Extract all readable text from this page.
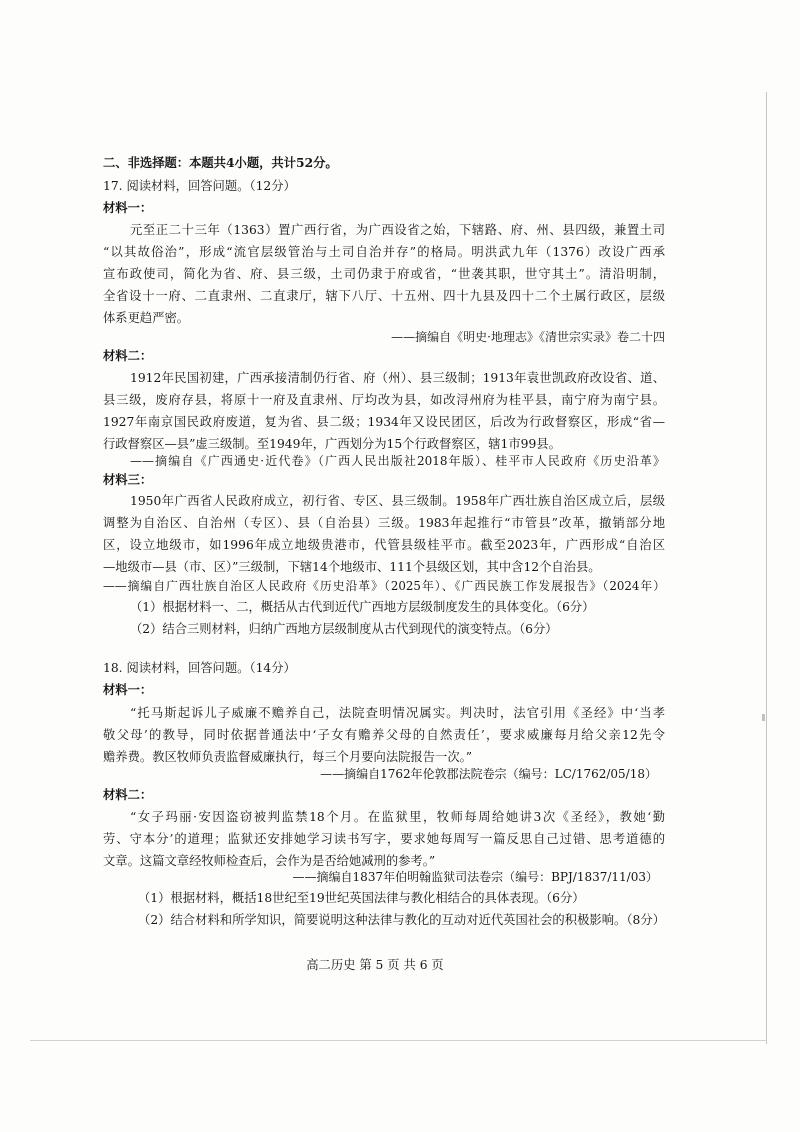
二、非选择题：本题共4小题，共计52分。
17. 阅读材料，回答问题。（12分）
材料一：
元至正二十三年（1363）置广西行省，为广西设省之始，下辖路、府、州、县四级，兼置土司
“以其故俗治”，形成“流官层级管治与土司自治并存”的格局。明洪武九年（1376）改设广西承
宣布政使司，简化为省、府、县三级，土司仍隶于府或省，“世袭其职，世守其土”。清沿明制，
全省设十一府、二直隶州、二直隶厅，辖下八厅、十五州、四十九县及四十二个土属行政区，层级
体系更趋严密。
——摘编自《明史·地理志》《清世宗实录》卷二十四
材料二：
1912年民国初建，广西承接清制仍行省、府（州）、县三级制；1913年袁世凯政府改设省、道、
县三级，废府存县，将原十一府及直隶州、厅均改为县，如改浔州府为桂平县，南宁府为南宁县。
1927年南京国民政府废道，复为省、县二级；1934年又设民团区，后改为行政督察区，形成“省—
行政督察区—县”虚三级制。至1949年，广西划分为15个行政督察区，辖1市99县。
——摘编自《广西通史·近代卷》（广西人民出版社2018年版）、桂平市人民政府《历史沿革》
材料三：
1950年广西省人民政府成立，初行省、专区、县三级制。1958年广西壮族自治区成立后，层级
调整为自治区、自治州（专区）、县（自治县）三级。1983年起推行“市管县”改革，撤销部分地
区，设立地级市，如1996年成立地级贵港市，代管县级桂平市。截至2023年，广西形成“自治区
—地级市—县（市、区）”三级制，下辖14个地级市、111个县级区划，其中含12个自治县。
——摘编自广西壮族自治区人民政府《历史沿革》（2025年）、《广西民族工作发展报告》（2024年）
（1）根据材料一、二，概括从古代到近代广西地方层级制度发生的具体变化。（6分）
（2）结合三则材料，归纳广西地方层级制度从古代到现代的演变特点。（6分）
18. 阅读材料，回答问题。（14分）
材料一：
“托马斯起诉儿子威廉不赡养自己，法院查明情况属实。判决时，法官引用《圣经》中‘当孝
敬父母’的教导，同时依据普通法中‘子女有赡养父母的自然责任’，要求威廉每月给父亲12先令
赡养费。教区牧师负责监督威廉执行，每三个月要向法院报告一次。”
——摘编自1762年伦敦郡法院卷宗（编号：LC/1762/05/18）
材料二：
“女子玛丽·安因盗窃被判监禁18个月。在监狱里，牧师每周给她讲3次《圣经》，教她‘勤
劳、守本分’的道理；监狱还安排她学习读书写字，要求她每周写一篇反思自己过错、思考道德的
文章。这篇文章经牧师检查后，会作为是否给她减刑的参考。”
——摘编自1837年伯明翰监狱司法卷宗（编号：BPJ/1837/11/03）
（1）根据材料，概括18世纪至19世纪英国法律与教化相结合的具体表现。（6分）
（2）结合材料和所学知识，简要说明这种法律与教化的互动对近代英国社会的积极影响。（8分）
高二历史 第 5 页 共 6 页
